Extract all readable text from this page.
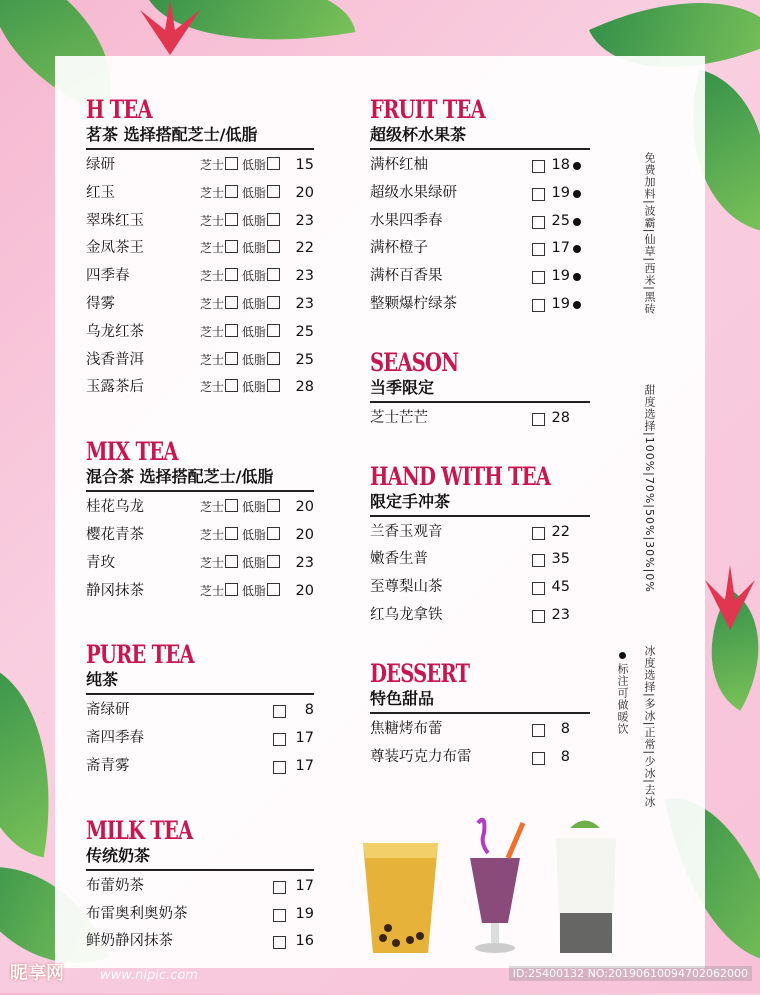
H TEA
茗茶 选择搭配芝士/低脂
绿研	芝士 低脂	15
红玉	芝士 低脂	20
翠珠红玉	芝士 低脂	23
金凤茶王	芝士 低脂	22
四季春	芝士 低脂	23
得雾	芝士 低脂	23
乌龙红茶	芝士 低脂	25
浅香普洱	芝士 低脂	25
玉露茶后	芝士 低脂	28
MIX TEA
混合茶 选择搭配芝士/低脂
桂花乌龙	芝士 低脂	20
樱花青茶	芝士 低脂	20
青玫	芝士 低脂	23
静冈抹茶	芝士 低脂	20
PURE TEA
纯茶
斋绿研	8
斋四季春	17
斋青雾	17
MILK TEA
传统奶茶
布蕾奶茶	17
布雷奥利奥奶茶	19
鲜奶静冈抹茶	16
FRUIT TEA
超级杯水果茶
满杯红柚	18
超级水果绿研	19
水果四季春	25
满杯橙子	17
满杯百香果	19
整颗爆柠绿茶	19
SEASON
当季限定
芝士芒芒	28
HAND WITH TEA
限定手冲茶
兰香玉观音	22
嫩香生普	35
至尊梨山茶	45
红乌龙拿铁	23
DESSERT
特色甜品
焦糖烤布蕾	8
尊装巧克力布雷	8
免费加料|波霸|仙草|西米|黑砖
甜度选择|100%|70%|50%|30%|0%
冰度选择|多冰|正常|少冰|去冰
标注可做暖饮
昵享网	www.nipic.com	ID:25400132 NO:20190610094702062000
